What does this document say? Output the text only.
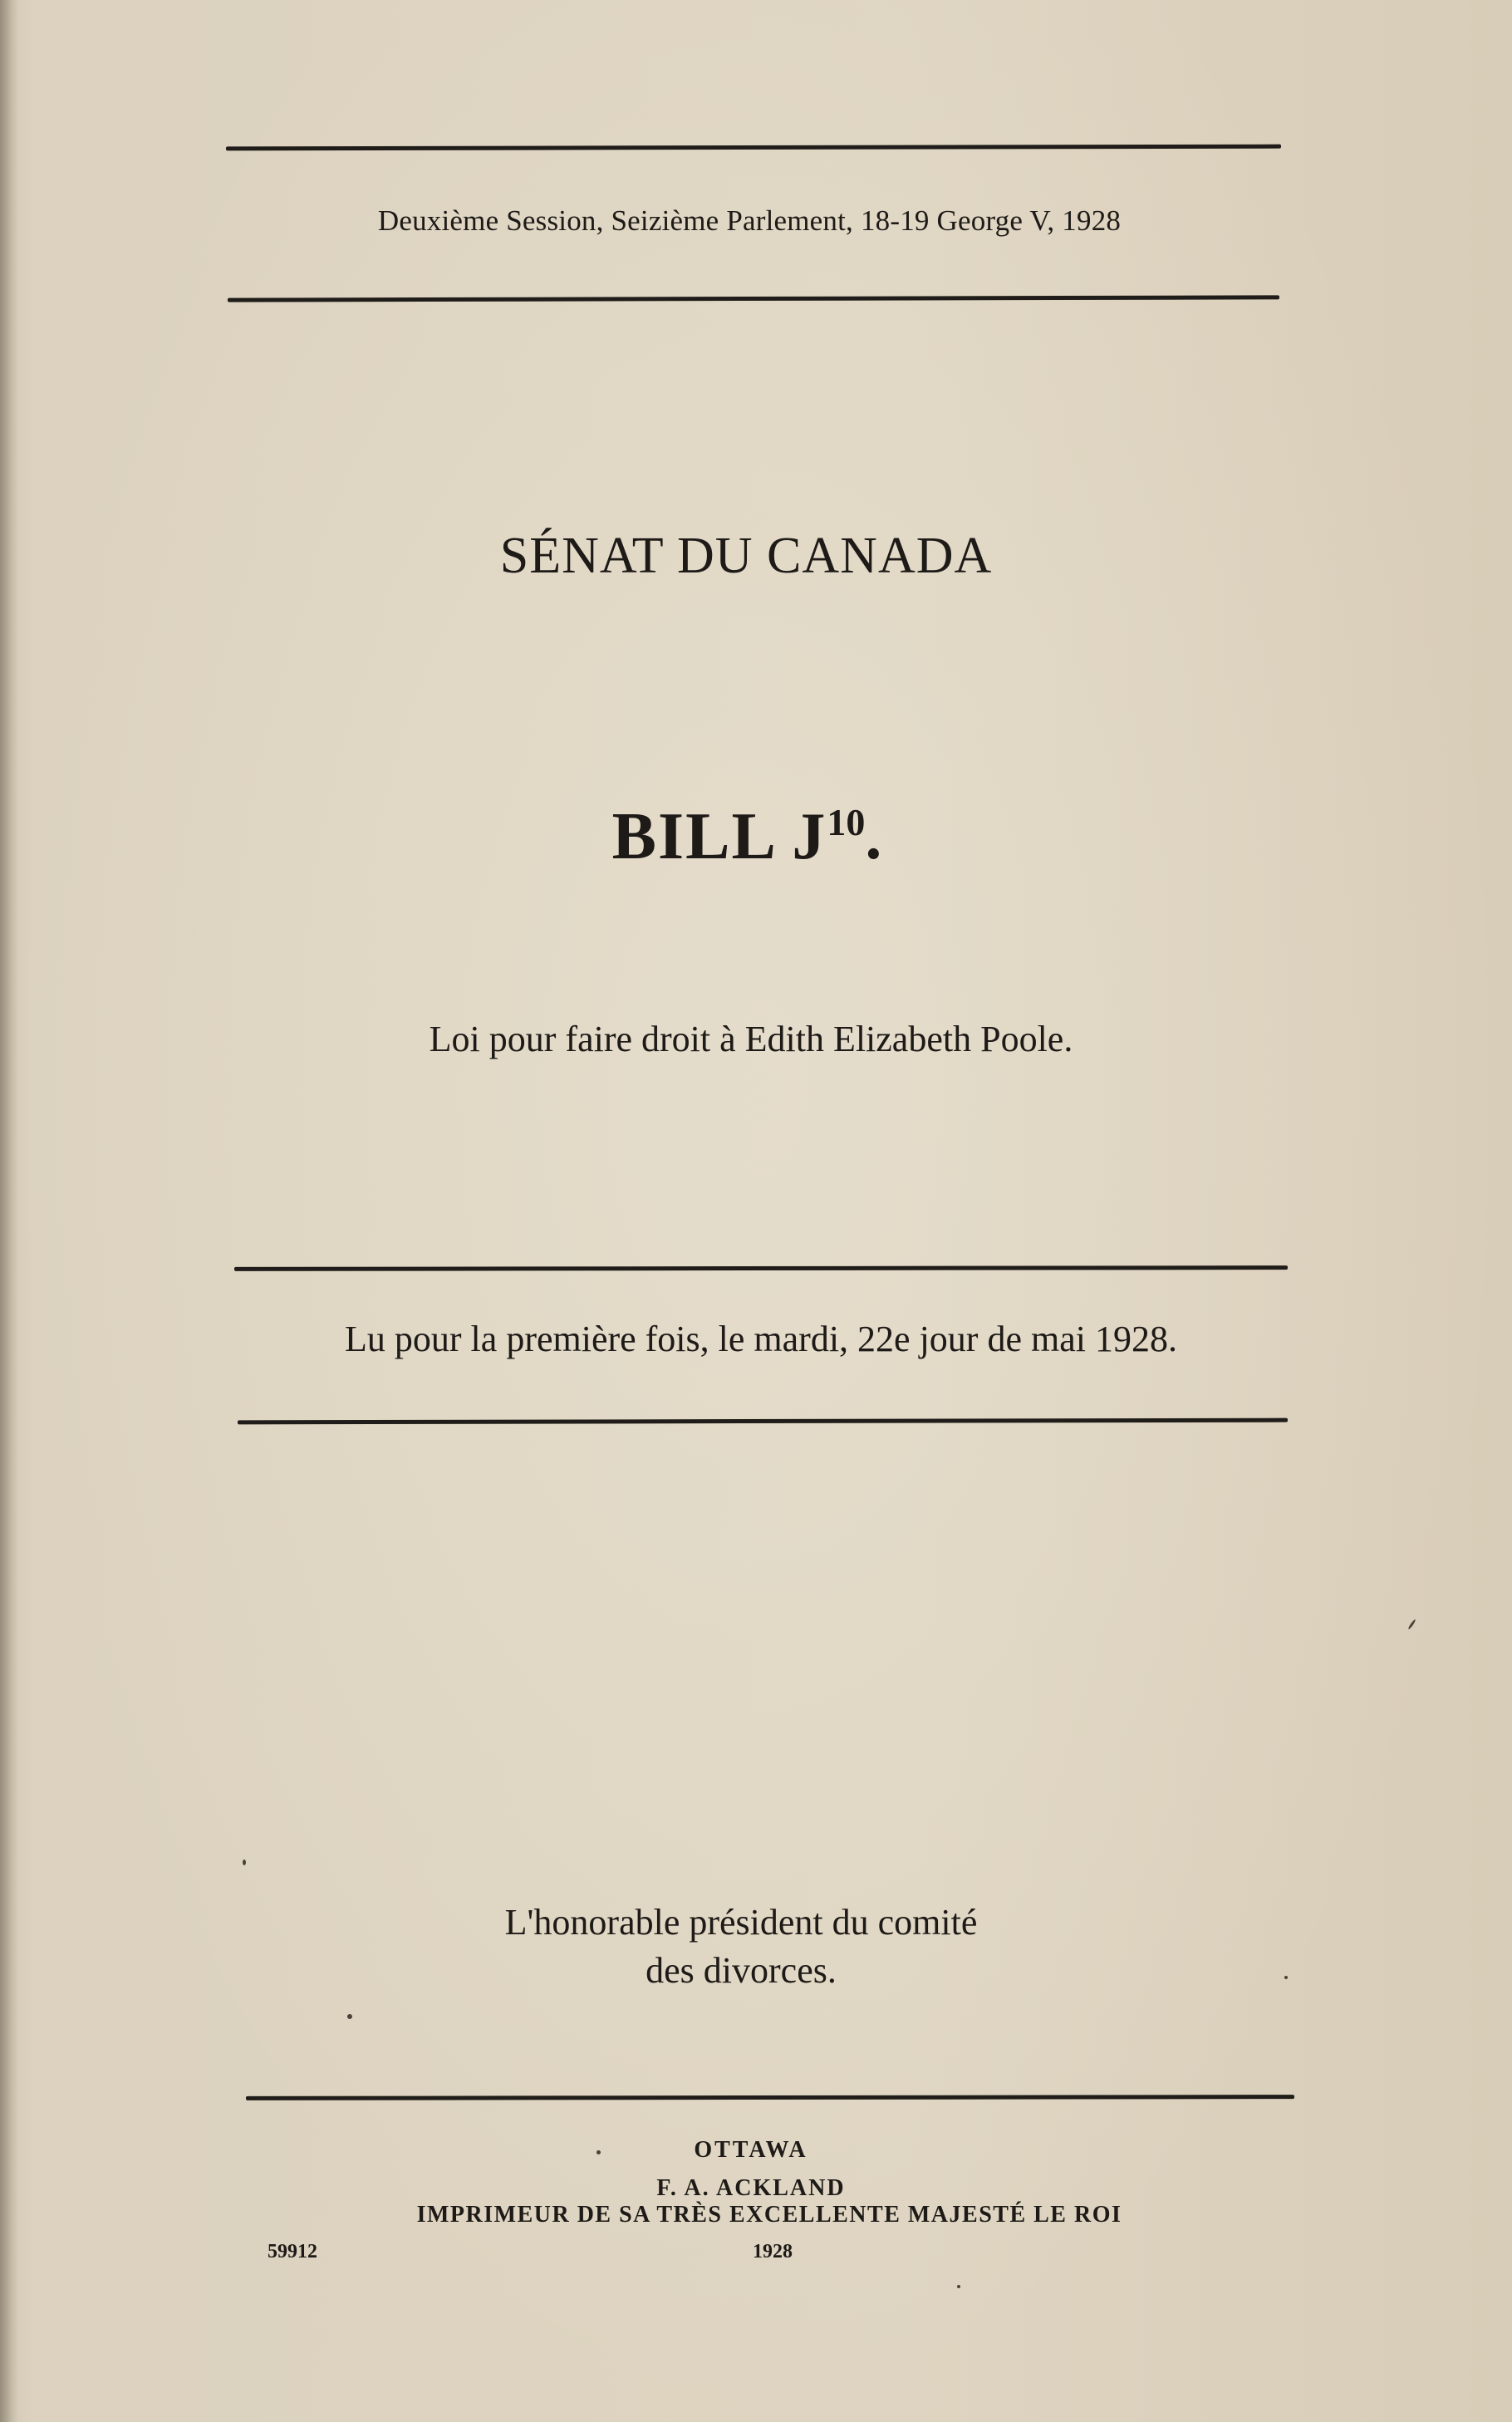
Deuxième Session, Seizième Parlement, 18-19 George V, 1928
SÉNAT DU CANADA
BILL $J^{10}$.
Loi pour faire droit à Edith Elizabeth Poole.
Lu pour la première fois, le mardi, 22e jour de mai 1928.
L'honorable président du comité
des divorces.
OTTAWA
F. A. ACKLAND
IMPRIMEUR DE SA TRÈS EXCELLENTE MAJESTÉ LE ROI
1928
59912
